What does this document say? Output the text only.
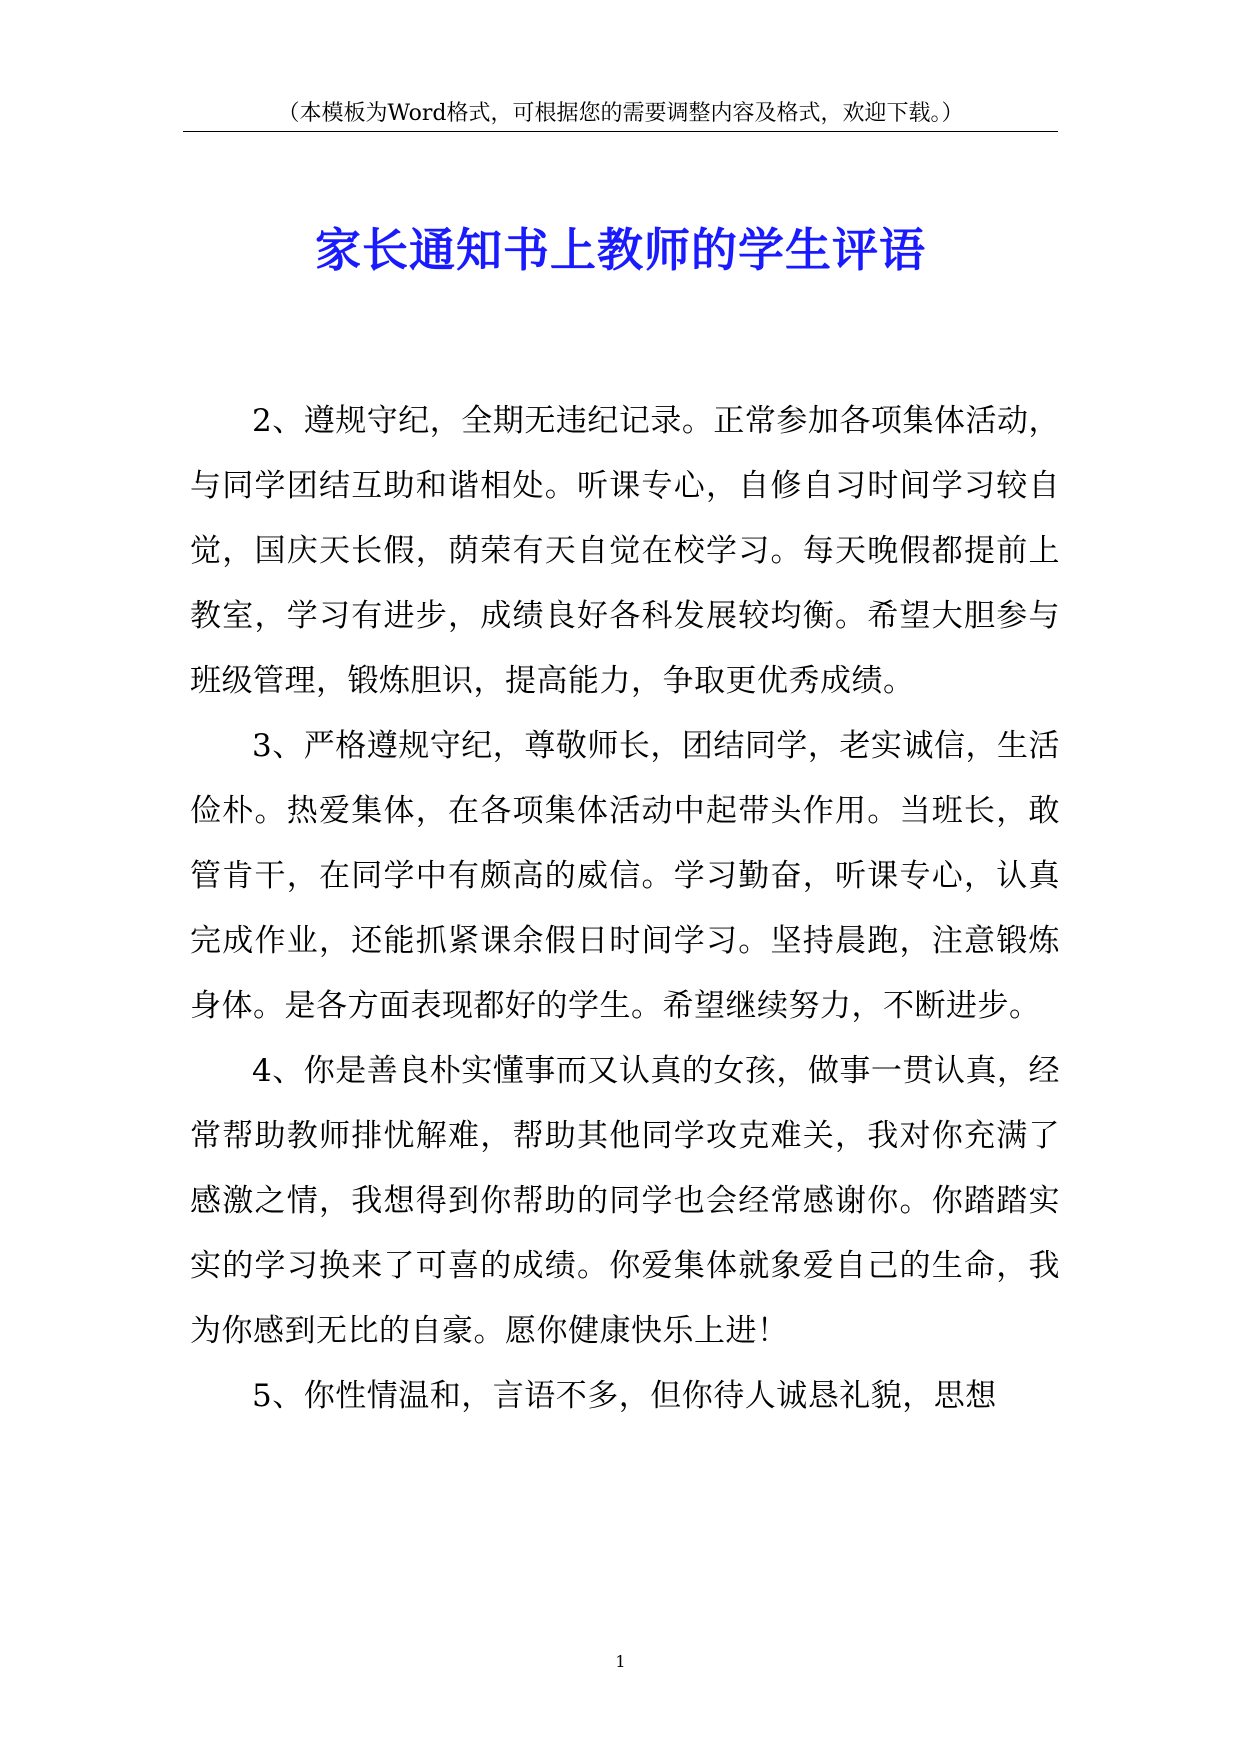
（本模板为Word格式，可根据您的需要调整内容及格式，欢迎下载。）
家长通知书上教师的学生评语

2、遵规守纪，全期无违纪记录。正常参加各项集体活动，与同学团结互助和谐相处。听课专心，自修自习时间学习较自觉，国庆天长假，荫荣有天自觉在校学习。每天晚假都提前上教室，学习有进步，成绩良好各科发展较均衡。希望大胆参与班级管理，锻炼胆识，提高能力，争取更优秀成绩。

3、严格遵规守纪，尊敬师长，团结同学，老实诚信，生活俭朴。热爱集体，在各项集体活动中起带头作用。当班长，敢管肯干，在同学中有颇高的威信。学习勤奋，听课专心，认真完成作业，还能抓紧课余假日时间学习。坚持晨跑，注意锻炼身体。是各方面表现都好的学生。希望继续努力，不断进步。

4、你是善良朴实懂事而又认真的女孩，做事一贯认真，经常帮助教师排忧解难，帮助其他同学攻克难关，我对你充满了感激之情，我想得到你帮助的同学也会经常感谢你。你踏踏实实的学习换来了可喜的成绩。你爱集体就象爱自己的生命，我为你感到无比的自豪。愿你健康快乐上进！

5、你性情温和，言语不多，但你待人诚恳礼貌，思想

1
